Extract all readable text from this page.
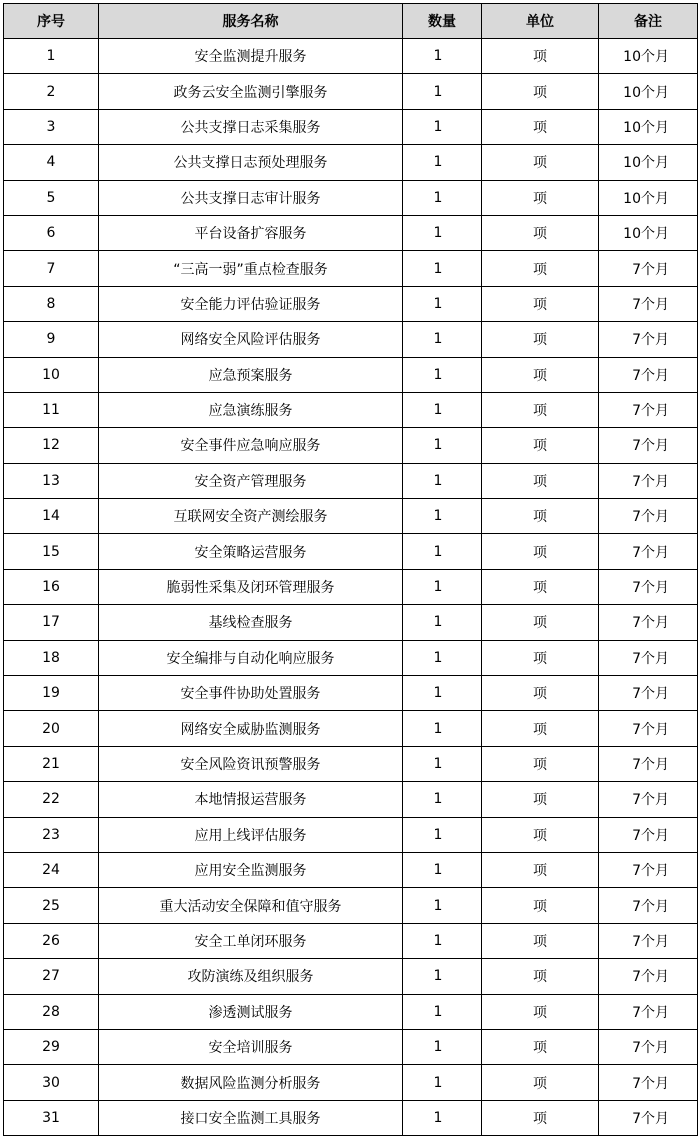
序号	服务名称	数量	单位	备注
1	安全监测提升服务	1	项	10个月
2	政务云安全监测引擎服务	1	项	10个月
3	公共支撑日志采集服务	1	项	10个月
4	公共支撑日志预处理服务	1	项	10个月
5	公共支撑日志审计服务	1	项	10个月
6	平台设备扩容服务	1	项	10个月
7	“三高一弱”重点检查服务	1	项	7个月
8	安全能力评估验证服务	1	项	7个月
9	网络安全风险评估服务	1	项	7个月
10	应急预案服务	1	项	7个月
11	应急演练服务	1	项	7个月
12	安全事件应急响应服务	1	项	7个月
13	安全资产管理服务	1	项	7个月
14	互联网安全资产测绘服务	1	项	7个月
15	安全策略运营服务	1	项	7个月
16	脆弱性采集及闭环管理服务	1	项	7个月
17	基线检查服务	1	项	7个月
18	安全编排与自动化响应服务	1	项	7个月
19	安全事件协助处置服务	1	项	7个月
20	网络安全威胁监测服务	1	项	7个月
21	安全风险资讯预警服务	1	项	7个月
22	本地情报运营服务	1	项	7个月
23	应用上线评估服务	1	项	7个月
24	应用安全监测服务	1	项	7个月
25	重大活动安全保障和值守服务	1	项	7个月
26	安全工单闭环服务	1	项	7个月
27	攻防演练及组织服务	1	项	7个月
28	渗透测试服务	1	项	7个月
29	安全培训服务	1	项	7个月
30	数据风险监测分析服务	1	项	7个月
31	接口安全监测工具服务	1	项	7个月
